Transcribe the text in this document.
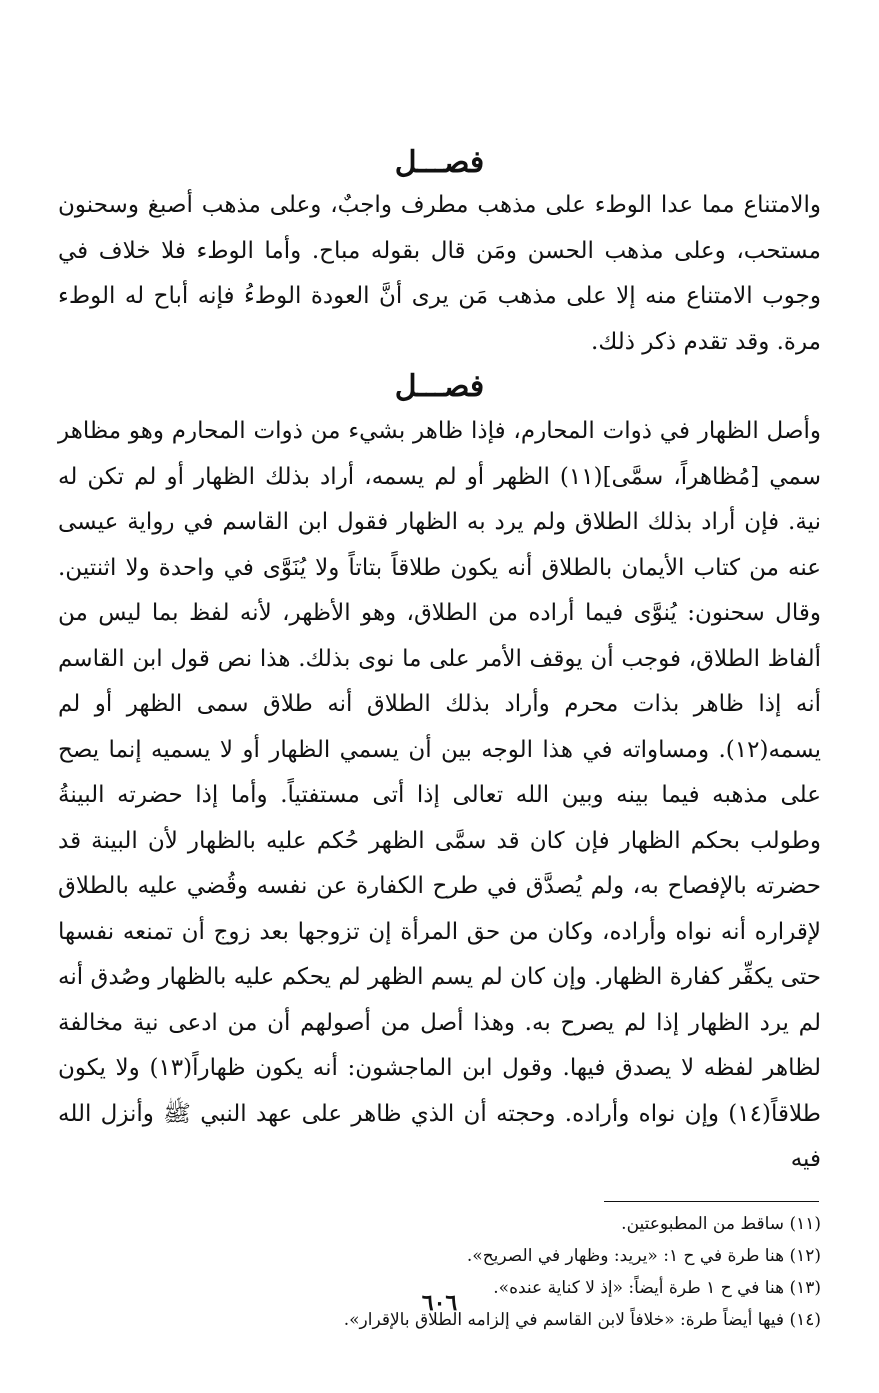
فصـــل

والامتناع مما عدا الوطء على مذهب مطرف واجبٌ، وعلى مذهب أصبغ وسحنون مستحب، وعلى مذهب الحسن ومَن قال بقوله مباح. وأما الوطء فلا خلاف في وجوب الامتناع منه إلا على مذهب مَن يرى أنَّ العودة الوطءُ فإنه أباح له الوطء مرة. وقد تقدم ذكر ذلك.

فصـــل

وأصل الظهار في ذوات المحارم، فإذا ظاهر بشيء من ذوات المحارم وهو مظاهر سمي [مُظاهراً، سمَّى](١١) الظهر أو لم يسمه، أراد بذلك الظهار أو لم تكن له نية. فإن أراد بذلك الطلاق ولم يرد به الظهار فقول ابن القاسم في رواية عيسى عنه من كتاب الأيمان بالطلاق أنه يكون طلاقاً بتاتاً ولا يُنَوَّى في واحدة ولا اثنتين. وقال سحنون: يُنوَّى فيما أراده من الطلاق، وهو الأظهر، لأنه لفظ بما ليس من ألفاظ الطلاق، فوجب أن يوقف الأمر على ما نوى بذلك. هذا نص قول ابن القاسم أنه إذا ظاهر بذات محرم وأراد بذلك الطلاق أنه طلاق سمى الظهر أو لم يسمه(١٢). ومساواته في هذا الوجه بين أن يسمي الظهار أو لا يسميه إنما يصح على مذهبه فيما بينه وبين الله تعالى إذا أتى مستفتياً. وأما إذا حضرته البينةُ وطولب بحكم الظهار فإن كان قد سمَّى الظهر حُكم عليه بالظهار لأن البينة قد حضرته بالإفصاح به، ولم يُصدَّق في طرح الكفارة عن نفسه وقُضي عليه بالطلاق لإقراره أنه نواه وأراده، وكان من حق المرأة إن تزوجها بعد زوج أن تمنعه نفسها حتى يكفِّر كفارة الظهار. وإن كان لم يسم الظهر لم يحكم عليه بالظهار وصُدق أنه لم يرد الظهار إذا لم يصرح به. وهذا أصل من أصولهم أن من ادعى نية مخالفة لظاهر لفظه لا يصدق فيها. وقول ابن الماجشون: أنه يكون ظهاراً(١٣) ولا يكون طلاقاً(١٤) وإن نواه وأراده. وحجته أن الذي ظاهر على عهد النبي ﷺ وأنزل الله فيه

(١١) ساقط من المطبوعتين.
(١٢) هنا طرة في ح ١: «يريد: وظهار في الصريح».
(١٣) هنا في ح ١ طرة أيضاً: «إذ لا كناية عنده».
(١٤) فيها أيضاً طرة: «خلافاً لابن القاسم في إلزامه الطلاق بالإقرار».
٦٠٦
